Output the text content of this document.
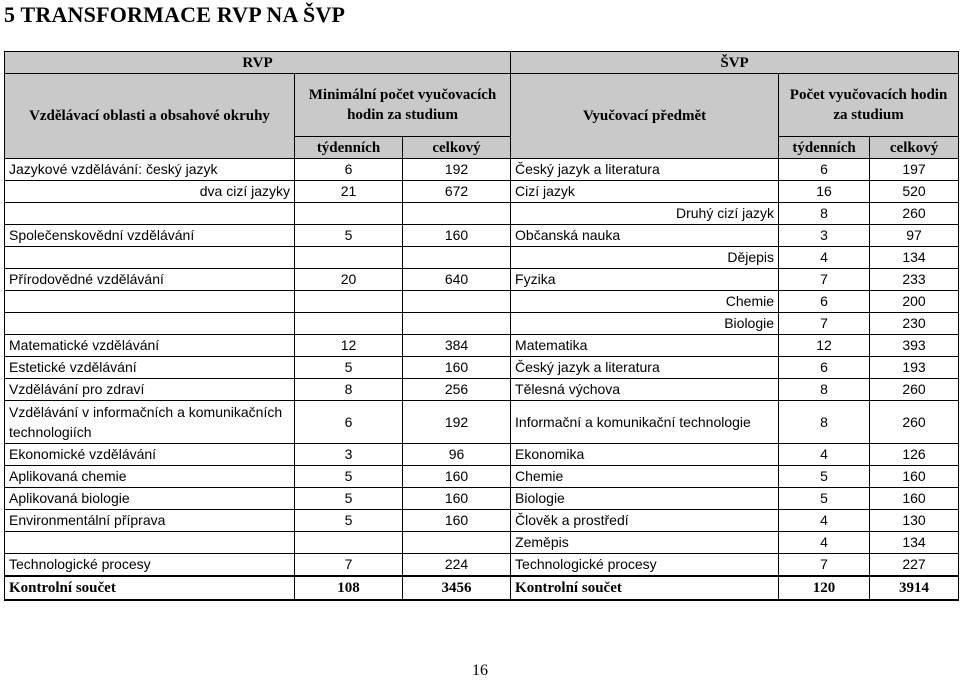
5 TRANSFORMACE RVP NA ŠVP
RVP			ŠVP		
Vzdělávací oblasti a obsahové okruhy	Minimální počet vyučovacích hodin za studium		Vyučovací předmět	Počet vyučovacích hodin za studium	
	týdenních	celkový		týdenních	celkový
Jazykové vzdělávání: český jazyk	6	192	Český jazyk a literatura	6	197
dva cizí jazyky	21	672	Cizí jazyk	16	520
			Druhý cizí jazyk	8	260
Společenskovědní vzdělávání	5	160	Občanská nauka	3	97
			Dějepis	4	134
Přírodovědné vzdělávání	20	640	Fyzika	7	233
			Chemie	6	200
			Biologie	7	230
Matematické vzdělávání	12	384	Matematika	12	393
Estetické vzdělávání	5	160	Český jazyk a literatura	6	193
Vzdělávání pro zdraví	8	256	Tělesná výchova	8	260
Vzdělávání v informačních a komunikačních technologiích	6	192	Informační a komunikační technologie	8	260
Ekonomické vzdělávání	3	96	Ekonomika	4	126
Aplikovaná chemie	5	160	Chemie	5	160
Aplikovaná biologie	5	160	Biologie	5	160
Environmentální příprava	5	160	Člověk a prostředí	4	130
			Zeměpis	4	134
Technologické procesy	7	224	Technologické procesy	7	227
Kontrolní součet	108	3456	Kontrolní součet	120	3914
16
